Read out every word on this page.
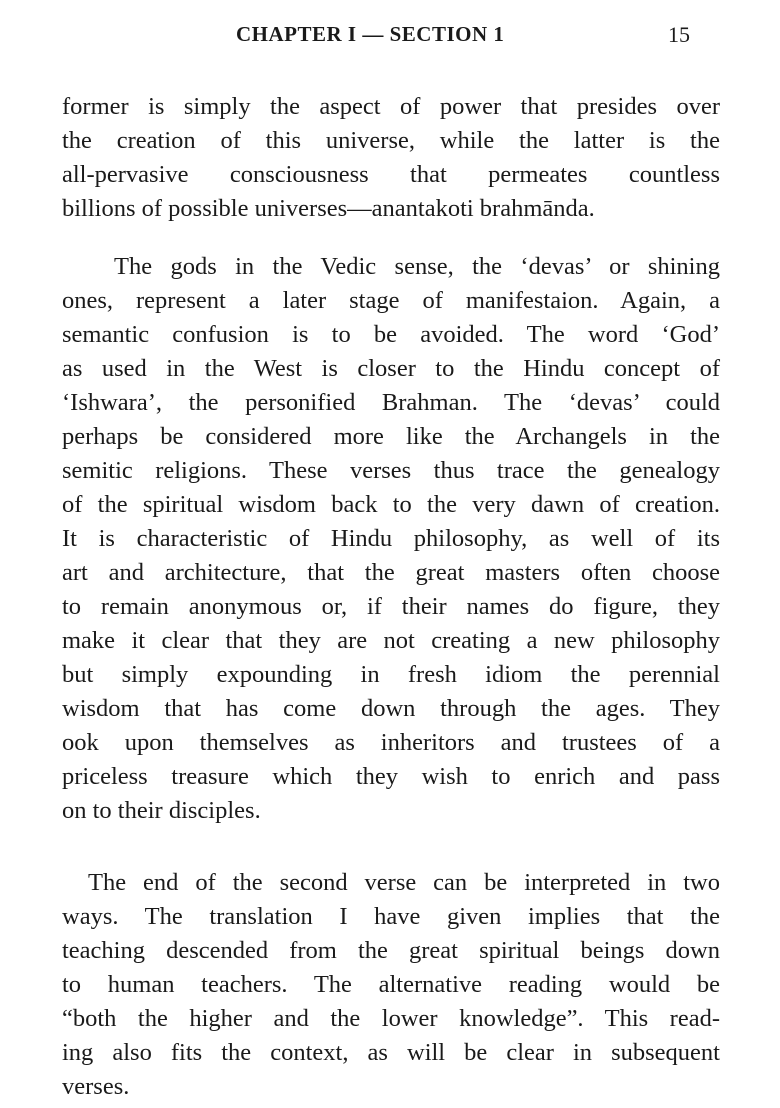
CHAPTER I — SECTION 1	15
former is simply the aspect of power that presides over
the creation of this universe, while the latter is the
all-pervasive consciousness that permeates countless
billions of possible universes—anantakoti brahmānda.
The gods in the Vedic sense, the ‘devas’ or shining
ones, represent a later stage of manifestaion. Again, a
semantic confusion is to be avoided. The word ‘God’
as used in the West is closer to the Hindu concept of
‘Ishwara’, the personified Brahman. The ‘devas’ could
perhaps be considered more like the Archangels in the
semitic religions. These verses thus trace the genealogy
of the spiritual wisdom back to the very dawn of creation.
It is characteristic of Hindu philosophy, as well of its
art and architecture, that the great masters often choose
to remain anonymous or, if their names do figure, they
make it clear that they are not creating a new philosophy
but simply expounding in fresh idiom the perennial
wisdom that has come down through the ages. They
ook upon themselves as inheritors and trustees of a
priceless treasure which they wish to enrich and pass
on to their disciples.
The end of the second verse can be interpreted in two
ways. The translation I have given implies that the
teaching descended from the great spiritual beings down
to human teachers. The alternative reading would be
“both the higher and the lower knowledge”. This read-
ing also fits the context, as will be clear in subsequent
verses.
